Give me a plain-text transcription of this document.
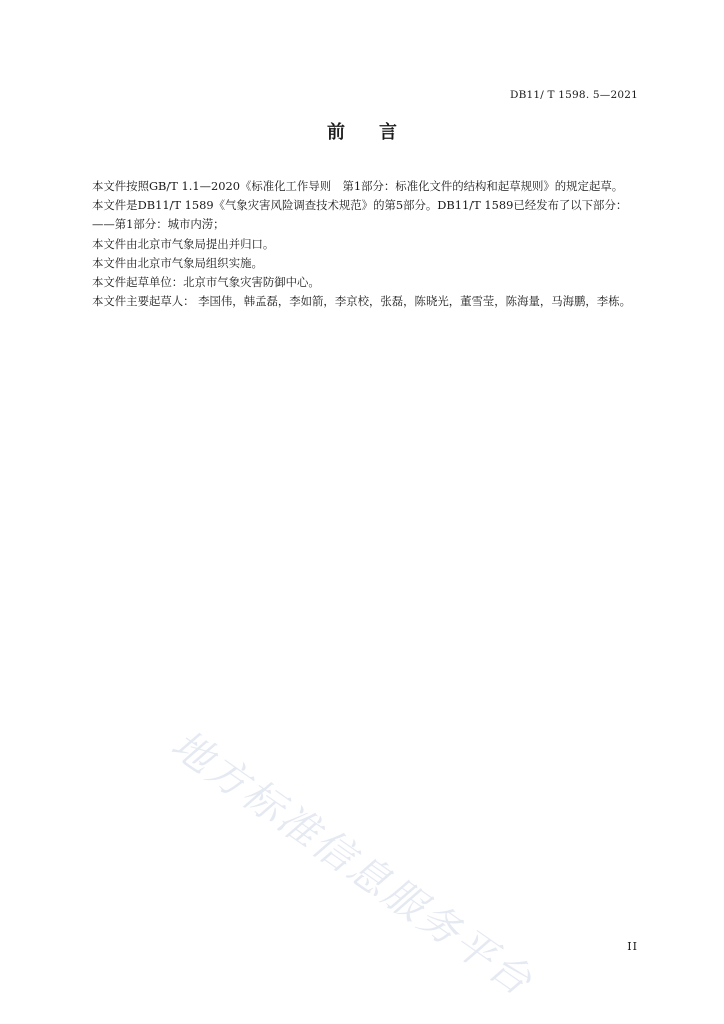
DB11/ T 1598. 5—2021
前言

本文件按照GB/T 1.1—2020《标准化工作导则　第1部分：标准化文件的结构和起草规则》的规定起草。

本文件是DB11/T 1589《气象灾害风险调查技术规范》的第5部分。DB11/T 1589已经发布了以下部分：

——第1部分：城市内涝；

本文件由北京市气象局提出并归口。

本文件由北京市气象局组织实施。

本文件起草单位：北京市气象灾害防御中心。

本文件主要起草人： 李国伟，韩孟磊，李如箭，李京校，张磊，陈晓光，董雪莹，陈海量，马海鹏，李栋。

地方标准信息服务平台	II
